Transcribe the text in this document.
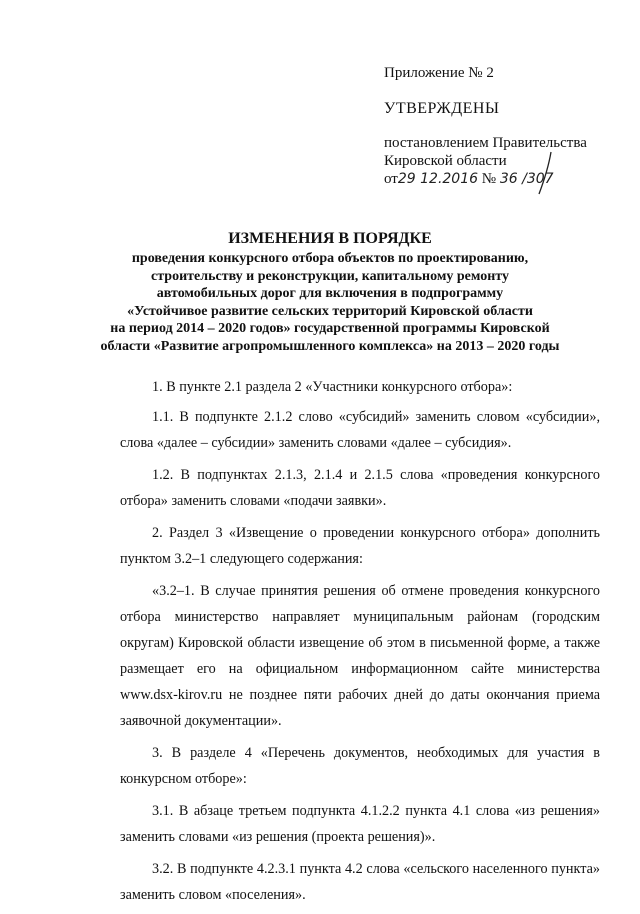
Приложение № 2
УТВЕРЖДЕНЫ
постановлением Правительства
Кировской области
от29 12.2016 № 36 /307
ИЗМЕНЕНИЯ В ПОРЯДКЕ
проведения конкурсного отбора объектов по проектированию,
строительству и реконструкции, капитальному ремонту
автомобильных дорог для включения в подпрограмму
«Устойчивое развитие сельских территорий Кировской области
на период 2014 – 2020 годов» государственной программы Кировской
области «Развитие агропромышленного комплекса» на 2013 – 2020 годы

1. В пункте 2.1 раздела 2 «Участники конкурсного отбора»:

1.1. В подпункте 2.1.2 слово «субсидий» заменить словом «субсидии», слова «далее – субсидии» заменить словами «далее – субсидия».

1.2. В подпунктах 2.1.3, 2.1.4 и 2.1.5 слова «проведения конкурсного отбора» заменить словами «подачи заявки».

2. Раздел 3 «Извещение о проведении конкурсного отбора» дополнить пунктом 3.2–1 следующего содержания:

«3.2–1. В случае принятия решения об отмене проведения конкурсного отбора министерство направляет муниципальным районам (городским округам) Кировской области извещение об этом в письменной форме, а также размещает его на официальном информационном сайте министерства www.dsx-kirov.ru не позднее пяти рабочих дней до даты окончания приема заявочной документации».

3. В разделе 4 «Перечень документов, необходимых для участия в конкурсном отборе»:

3.1. В абзаце третьем подпункта 4.1.2.2 пункта 4.1 слова «из решения» заменить словами «из решения (проекта решения)».

3.2. В подпункте 4.2.3.1 пункта 4.2 слова «сельского населенного пункта» заменить словом «поселения».
